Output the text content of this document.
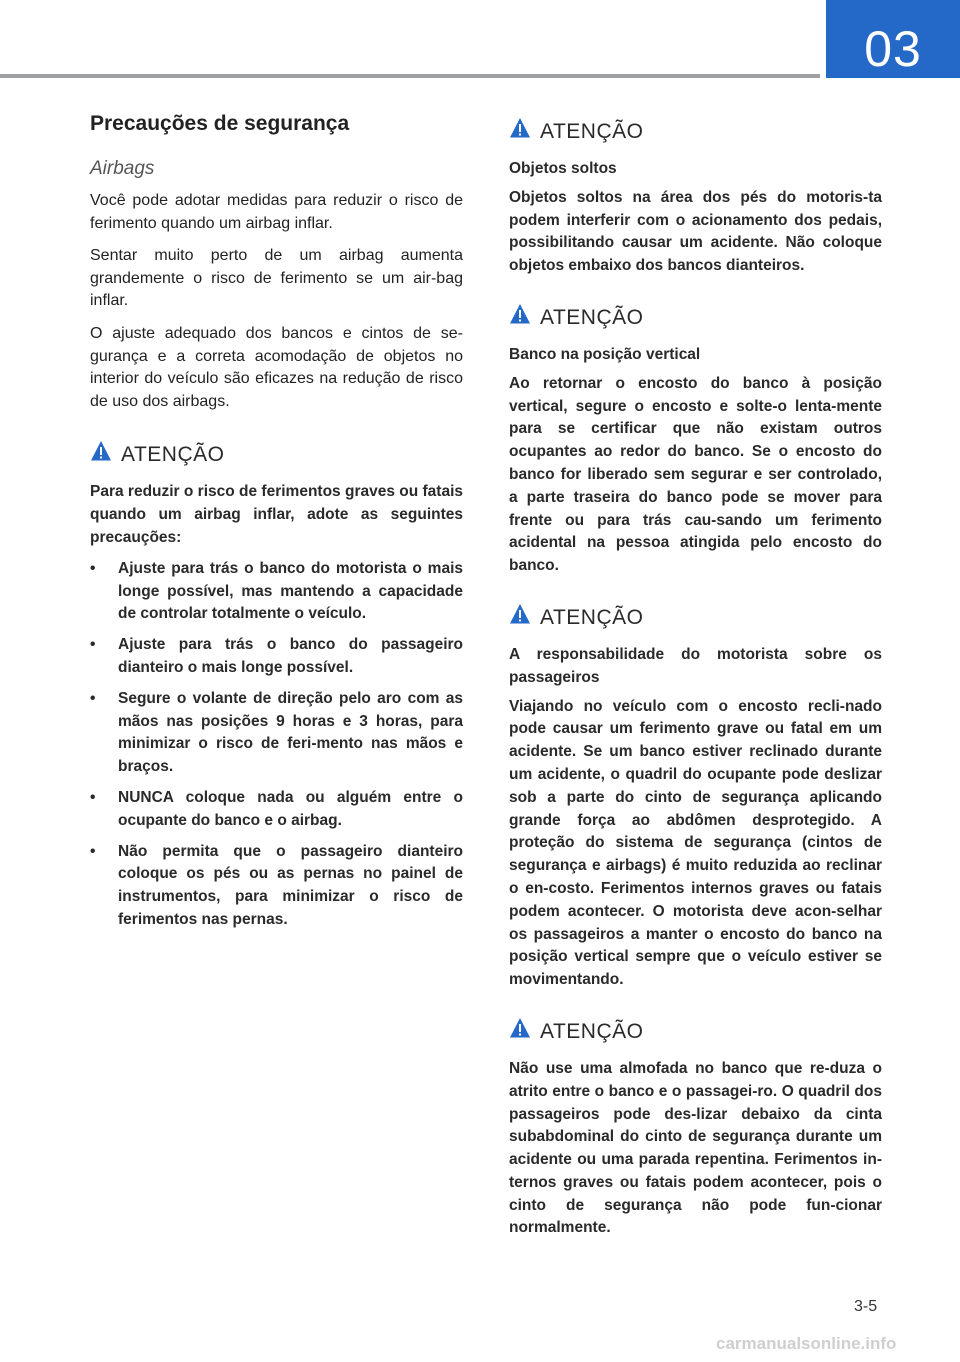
03
Precauções de segurança
Airbags

Você pode adotar medidas para reduzir o risco de ferimento quando um airbag inflar.

Sentar muito perto de um airbag aumenta grandemente o risco de ferimento se um air-bag inflar.

O ajuste adequado dos bancos e cintos de se-gurança e a correta acomodação de objetos no interior do veículo são eficazes na redução de risco de uso dos airbags.

ATENÇÃO

Para reduzir o risco de ferimentos graves ou fatais quando um airbag inflar, adote as seguintes precauções:

• Ajuste para trás o banco do motorista o mais longe possível, mas mantendo a capacidade de controlar totalmente o veículo.
• Ajuste para trás o banco do passageiro dianteiro o mais longe possível.
• Segure o volante de direção pelo aro com as mãos nas posições 9 horas e 3 horas, para minimizar o risco de feri-mento nas mãos e braços.
• NUNCA coloque nada ou alguém entre o ocupante do banco e o airbag.
• Não permita que o passageiro dianteiro coloque os pés ou as pernas no painel de instrumentos, para minimizar o risco de ferimentos nas pernas.
ATENÇÃO

Objetos soltos

Objetos soltos na área dos pés do motoris-ta podem interferir com o acionamento dos pedais, possibilitando causar um acidente. Não coloque objetos embaixo dos bancos dianteiros.

ATENÇÃO

Banco na posição vertical

Ao retornar o encosto do banco à posição vertical, segure o encosto e solte-o lenta-mente para se certificar que não existam outros ocupantes ao redor do banco. Se o encosto do banco for liberado sem segurar e ser controlado, a parte traseira do banco pode se mover para frente ou para trás cau-sando um ferimento acidental na pessoa atingida pelo encosto do banco.

ATENÇÃO

A responsabilidade do motorista sobre os passageiros

Viajando no veículo com o encosto recli-nado pode causar um ferimento grave ou fatal em um acidente. Se um banco estiver reclinado durante um acidente, o quadril do ocupante pode deslizar sob a parte do cinto de segurança aplicando grande força ao abdômen desprotegido. A proteção do sistema de segurança (cintos de segurança e airbags) é muito reduzida ao reclinar o en-costo. Ferimentos internos graves ou fatais podem acontecer. O motorista deve acon-selhar os passageiros a manter o encosto do banco na posição vertical sempre que o veículo estiver se movimentando.

ATENÇÃO

Não use uma almofada no banco que re-duza o atrito entre o banco e o passagei-ro. O quadril dos passageiros pode des-lizar debaixo da cinta subabdominal do cinto de segurança durante um acidente ou uma parada repentina. Ferimentos in-ternos graves ou fatais podem acontecer, pois o cinto de segurança não pode fun-cionar normalmente.

3-5
carmanualsonline.info
